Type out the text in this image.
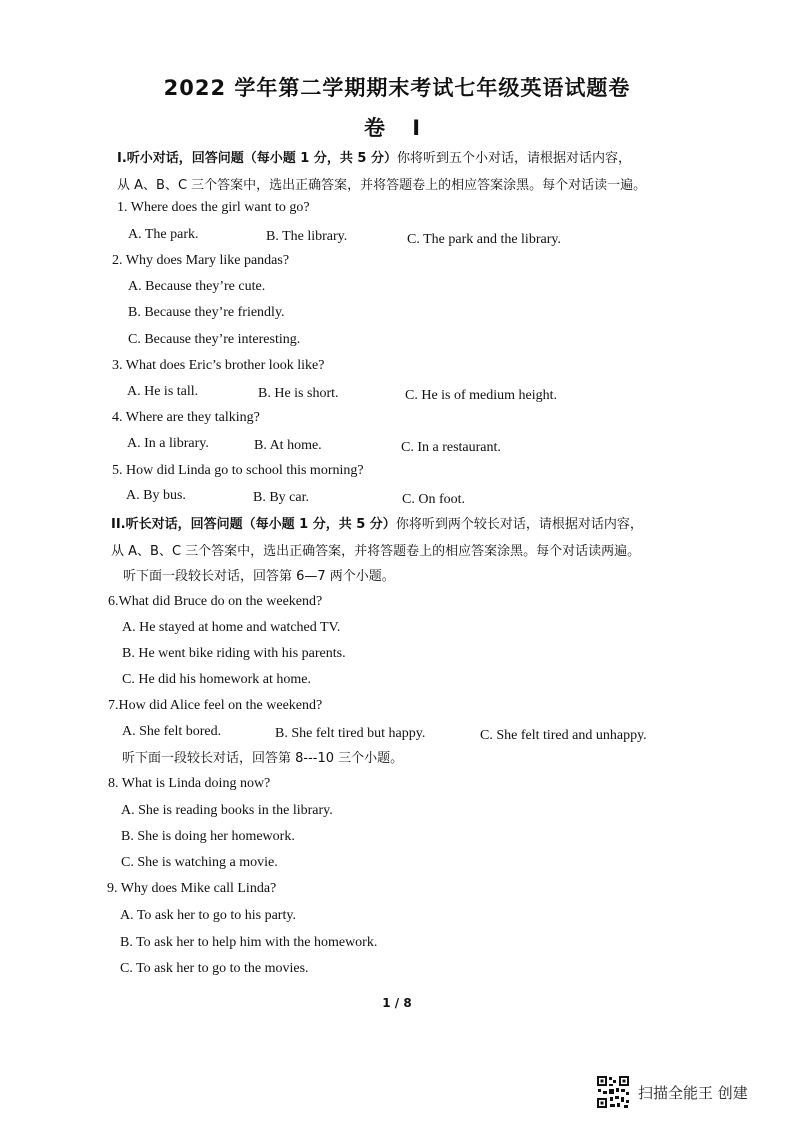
2022 学年第二学期期末考试七年级英语试题卷
卷 I
I.听小对话，回答问题（每小题 1 分，共 5 分）你将听到五个小对话，请根据对话内容，
从 A、B、C 三个答案中，选出正确答案，并将答题卷上的相应答案涂黑。每个对话读一遍。
1. Where does the girl want to go?
A. The park.	B. The library.	C. The park and the library.
2. Why does Mary like pandas?
A. Because they’re cute.
B. Because they’re friendly.
C. Because they’re interesting.
3. What does Eric’s brother look like?
A. He is tall.	B. He is short.	C. He is of medium height.
4. Where are they talking?
A. In a library.	B. At home.	C. In a restaurant.
5. How did Linda go to school this morning?
A. By bus.	B. By car.	C. On foot.
II.听长对话，回答问题（每小题 1 分，共 5 分）你将听到两个较长对话，请根据对话内容，
从 A、B、C 三个答案中，选出正确答案，并将答题卷上的相应答案涂黑。每个对话读两遍。
听下面一段较长对话，回答第 6—7 两个小题。
6.What did Bruce do on the weekend?
A. He stayed at home and watched TV.
B. He went bike riding with his parents.
C. He did his homework at home.
7.How did Alice feel on the weekend?
A. She felt bored.	B. She felt tired but happy.	C. She felt tired and unhappy.
听下面一段较长对话，回答第 8---10 三个小题。
8. What is Linda doing now?
A. She is reading books in the library.
B. She is doing her homework.
C. She is watching a movie.
9. Why does Mike call Linda?
A. To ask her to go to his party.
B. To ask her to help him with the homework.
C. To ask her to go to the movies.
1 / 8
扫描全能王 创建
